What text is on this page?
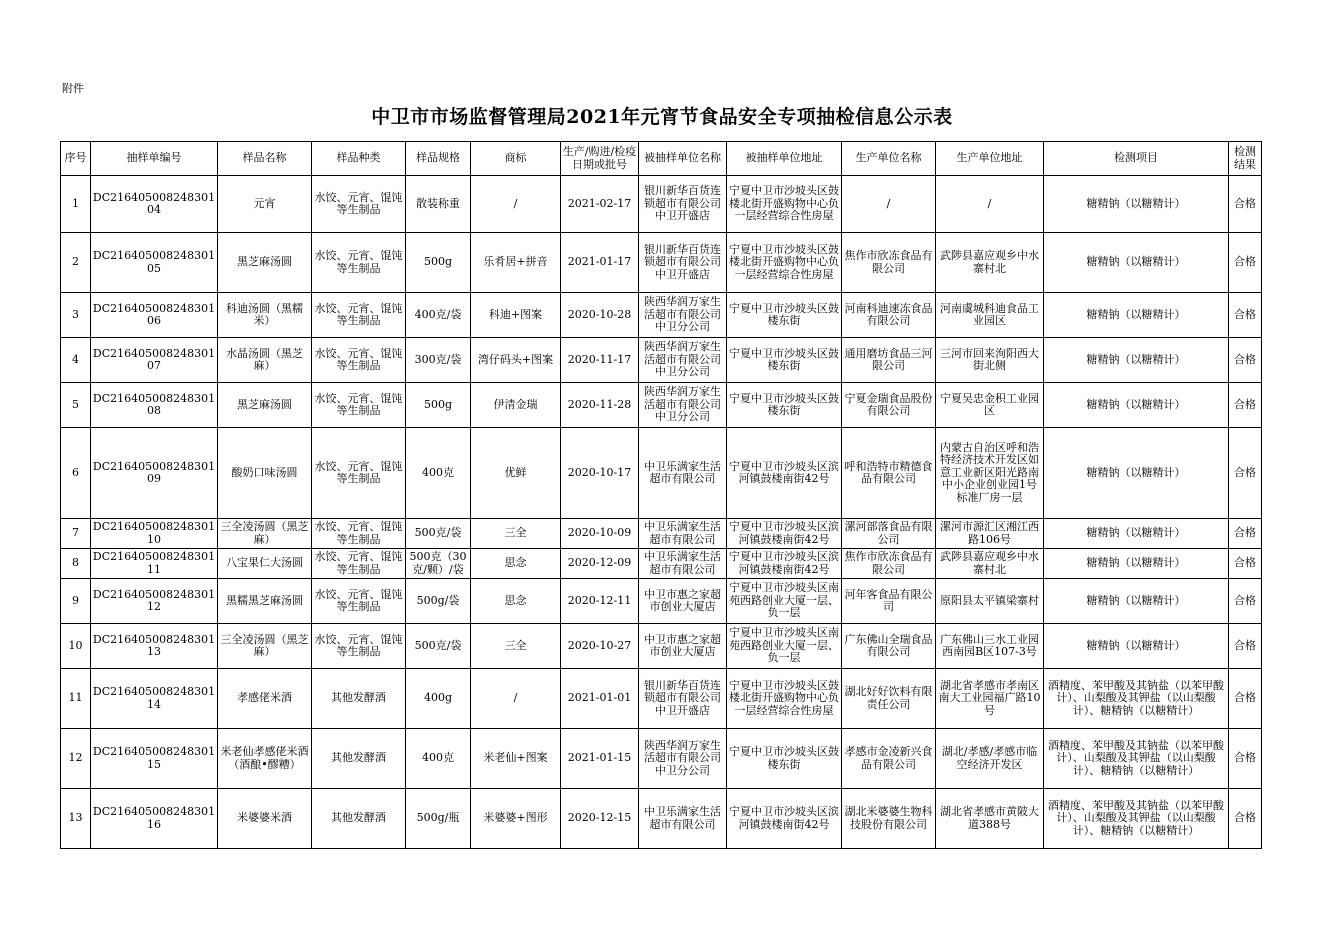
附件
中卫市市场监督管理局2021年元宵节食品安全专项抽检信息公示表
序号	抽样单编号	样品名称	样品种类	样品规格	商标	生产/购进/检疫日期或批号	被抽样单位名称	被抽样单位地址	生产单位名称	生产单位地址	检测项目	检测结果
1	DC21640500824830104	元宵	水饺、元宵、馄饨等生制品	散装称重	/	2021-02-17	银川新华百货连锁超市有限公司中卫开盛店	宁夏中卫市沙坡头区鼓楼北街开盛购物中心负一层经营综合性房屋	/	/	糖精钠（以糖精计）	合格
2	DC21640500824830105	黑芝麻汤圆	水饺、元宵、馄饨等生制品	500g	乐肴居+拼音	2021-01-17	银川新华百货连锁超市有限公司中卫开盛店	宁夏中卫市沙坡头区鼓楼北街开盛购物中心负一层经营综合性房屋	焦作市欣冻食品有限公司	武陟县嘉应观乡中水寨村北	糖精钠（以糖精计）	合格
3	DC21640500824830106	科迪汤圆（黑糯米）	水饺、元宵、馄饨等生制品	400克/袋	科迪+图案	2020-10-28	陕西华润万家生活超市有限公司中卫分公司	宁夏中卫市沙坡头区鼓楼东街	河南科迪速冻食品有限公司	河南虞城科迪食品工业园区	糖精钠（以糖精计）	合格
4	DC21640500824830107	水晶汤圆（黑芝麻）	水饺、元宵、馄饨等生制品	300克/袋	湾仔码头+图案	2020-11-17	陕西华润万家生活超市有限公司中卫分公司	宁夏中卫市沙坡头区鼓楼东街	通用磨坊食品三河限公司	三河市回来洵阳西大街北侧	糖精钠（以糖精计）	合格
5	DC21640500824830108	黑芝麻汤圆	水饺、元宵、馄饨等生制品	500g	伊清金瑞	2020-11-28	陕西华润万家生活超市有限公司中卫分公司	宁夏中卫市沙坡头区鼓楼东街	宁夏金瑞食品股份有限公司	宁夏吴忠金积工业园区	糖精钠（以糖精计）	合格
6	DC21640500824830109	酸奶口味汤圆	水饺、元宵、馄饨等生制品	400克	优鲜	2020-10-17	中卫乐满家生活超市有限公司	宁夏中卫市沙坡头区滨河镇鼓楼南街42号	呼和浩特市精德食品有限公司	内蒙古自治区呼和浩特经济技术开发区如意工业新区阳光路南中小企业创业园1号标准厂房一层	糖精钠（以糖精计）	合格
7	DC21640500824830110	三全凌汤圆（黑芝麻）	水饺、元宵、馄饨等生制品	500克/袋	三全	2020-10-09	中卫乐满家生活超市有限公司	宁夏中卫市沙坡头区滨河镇鼓楼南街42号	漯河部落食品有限公司	漯河市源汇区湘江西路106号	糖精钠（以糖精计）	合格
8	DC21640500824830111	八宝果仁大汤圆	水饺、元宵、馄饨等生制品	500克（30克/颗）/袋	思念	2020-12-09	中卫乐满家生活超市有限公司	宁夏中卫市沙坡头区滨河镇鼓楼南街42号	焦作市欣冻食品有限公司	武陟县嘉应观乡中水寨村北	糖精钠（以糖精计）	合格
9	DC21640500824830112	黑糯黑芝麻汤圆	水饺、元宵、馄饨等生制品	500g/袋	思念	2020-12-11	中卫市惠之家超市创业大厦店	宁夏中卫市沙坡头区南苑西路创业大厦一层、负一层	河年客食品有限公司	原阳县太平镇梁寨村	糖精钠（以糖精计）	合格
10	DC21640500824830113	三全凌汤圆（黑芝麻）	水饺、元宵、馄饨等生制品	500克/袋	三全	2020-10-27	中卫市惠之家超市创业大厦店	宁夏中卫市沙坡头区南苑西路创业大厦一层、负一层	广东佛山全瑞食品有限公司	广东佛山三水工业园西南园B区107-3号	糖精钠（以糖精计）	合格
11	DC21640500824830114	孝感佬米酒	其他发酵酒	400g	/	2021-01-01	银川新华百货连锁超市有限公司中卫开盛店	宁夏中卫市沙坡头区鼓楼北街开盛购物中心负一层经营综合性房屋	湖北好好饮料有限责任公司	湖北省孝感市孝南区南大工业园福广路10号	酒精度、苯甲酸及其钠盐（以苯甲酸计）、山梨酸及其钾盐（以山梨酸计）、糖精钠（以糖精计）	合格
12	DC21640500824830115	米老仙孝感佬米酒（酒酿•醪糟）	其他发酵酒	400克	米老仙+图案	2021-01-15	陕西华润万家生活超市有限公司中卫分公司	宁夏中卫市沙坡头区鼓楼东街	孝感市金凌新兴食品有限公司	湖北/孝感/孝感市临空经济开发区	酒精度、苯甲酸及其钠盐（以苯甲酸计）、山梨酸及其钾盐（以山梨酸计）、糖精钠（以糖精计）	合格
13	DC21640500824830116	米婆婆米酒	其他发酵酒	500g/瓶	米婆婆+图形	2020-12-15	中卫乐满家生活超市有限公司	宁夏中卫市沙坡头区滨河镇鼓楼南街42号	湖北米婆婆生物科技股份有限公司	湖北省孝感市黄陂大道388号	酒精度、苯甲酸及其钠盐（以苯甲酸计）、山梨酸及其钾盐（以山梨酸计）、糖精钠（以糖精计）	合格
